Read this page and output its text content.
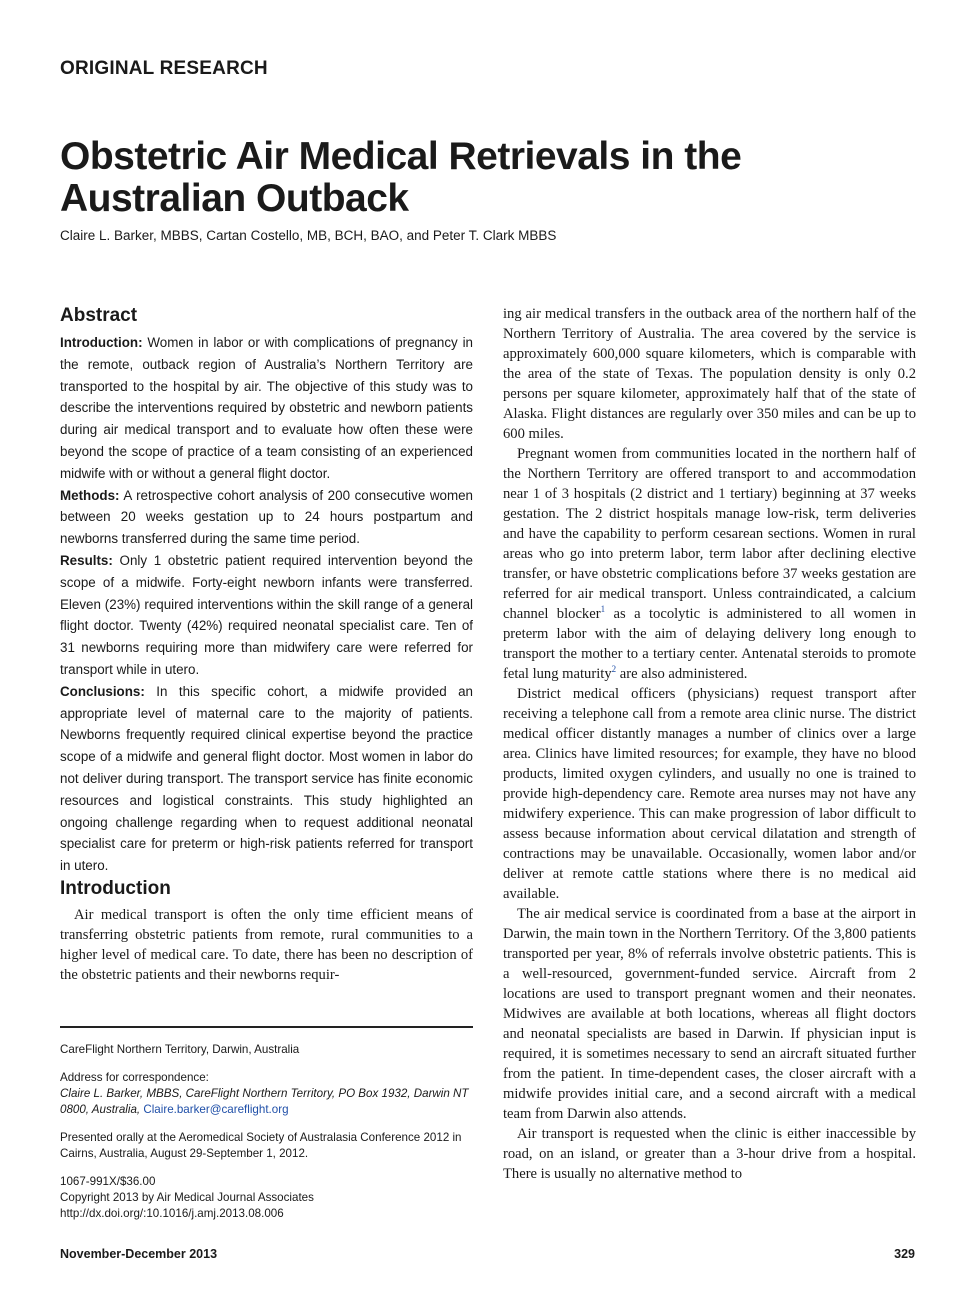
ORIGINAL RESEARCH
Obstetric Air Medical Retrievals in the Australian Outback
Claire L. Barker, MBBS, Cartan Costello, MB, BCH, BAO, and Peter T. Clark MBBS
Abstract

Introduction: Women in labor or with complications of pregnancy in the remote, outback region of Australia’s Northern Territory are transported to the hospital by air. The objective of this study was to describe the interventions required by obstetric and newborn patients during air medical transport and to evaluate how often these were beyond the scope of practice of a team consisting of an experienced midwife with or without a general flight doctor.

Methods: A retrospective cohort analysis of 200 consecutive women between 20 weeks gestation up to 24 hours postpartum and newborns transferred during the same time period.

Results: Only 1 obstetric patient required intervention beyond the scope of a midwife. Forty-eight newborn infants were transferred. Eleven (23%) required interventions within the skill range of a general flight doctor. Twenty (42%) required neonatal specialist care. Ten of 31 newborns requiring more than midwifery care were referred for transport while in utero.

Conclusions: In this specific cohort, a midwife provided an appropriate level of maternal care to the majority of patients. Newborns frequently required clinical expertise beyond the practice scope of a midwife and general flight doctor. Most women in labor do not deliver during transport. The transport service has finite economic resources and logistical constraints. This study highlighted an ongoing challenge regarding when to request additional neonatal specialist care for preterm or high-risk patients referred for transport in utero.

Introduction

Air medical transport is often the only time efficient means of transferring obstetric patients from remote, rural communities to a higher level of medical care. To date, there has been no description of the obstetric patients and their newborns requir-

ing air medical transfers in the outback area of the northern half of the Northern Territory of Australia. The area covered by the service is approximately 600,000 square kilometers, which is comparable with the area of the state of Texas. The population density is only 0.2 persons per square kilometer, approximately half that of the state of Alaska. Flight distances are regularly over 350 miles and can be up to 600 miles.

Pregnant women from communities located in the northern half of the Northern Territory are offered transport to and accommodation near 1 of 3 hospitals (2 district and 1 tertiary) beginning at 37 weeks gestation. The 2 district hospitals manage low-risk, term deliveries and have the capability to perform cesarean sections. Women in rural areas who go into preterm labor, term labor after declining elective transfer, or have obstetric complications before 37 weeks gestation are referred for air medical transport. Unless contraindicated, a calcium channel blocker$^1$ as a tocolytic is administered to all women in preterm labor with the aim of delaying delivery long enough to transport the mother to a tertiary center. Antenatal steroids to promote fetal lung maturity$^2$ are also administered.

District medical officers (physicians) request transport after receiving a telephone call from a remote area clinic nurse. The district medical officer distantly manages a number of clinics over a large area. Clinics have limited resources; for example, they have no blood products, limited oxygen cylinders, and usually no one is trained to provide high-dependency care. Remote area nurses may not have any midwifery experience. This can make progression of labor difficult to assess because information about cervical dilatation and strength of contractions may be unavailable. Occasionally, women labor and/or deliver at remote cattle stations where there is no medical aid available.

The air medical service is coordinated from a base at the airport in Darwin, the main town in the Northern Territory. Of the 3,800 patients transported per year, 8% of referrals involve obstetric patients. This is a well-resourced, government-funded service. Aircraft from 2 locations are used to transport pregnant women and their neonates. Midwives are available at both locations, whereas all flight doctors and neonatal specialists are based in Darwin. If physician input is required, it is sometimes necessary to send an aircraft situated further from the patient. In time-dependent cases, the closer aircraft with a midwife provides initial care, and a second aircraft with a medical team from Darwin also attends.

Air transport is requested when the clinic is either inaccessible by road, on an island, or greater than a 3-hour drive from a hospital. There is usually no alternative method to

CareFlight Northern Territory, Darwin, Australia

Address for correspondence:
Claire L. Barker, MBBS, CareFlight Northern Territory, PO Box 1932, Darwin NT 0800, Australia, Claire.barker@careflight.org

Presented orally at the Aeromedical Society of Australasia Conference 2012 in Cairns, Australia, August 29-September 1, 2012.

1067-991X/$36.00
Copyright 2013 by Air Medical Journal Associates
http://dx.doi.org/:10.1016/j.amj.2013.08.006

November-December 2013	329
